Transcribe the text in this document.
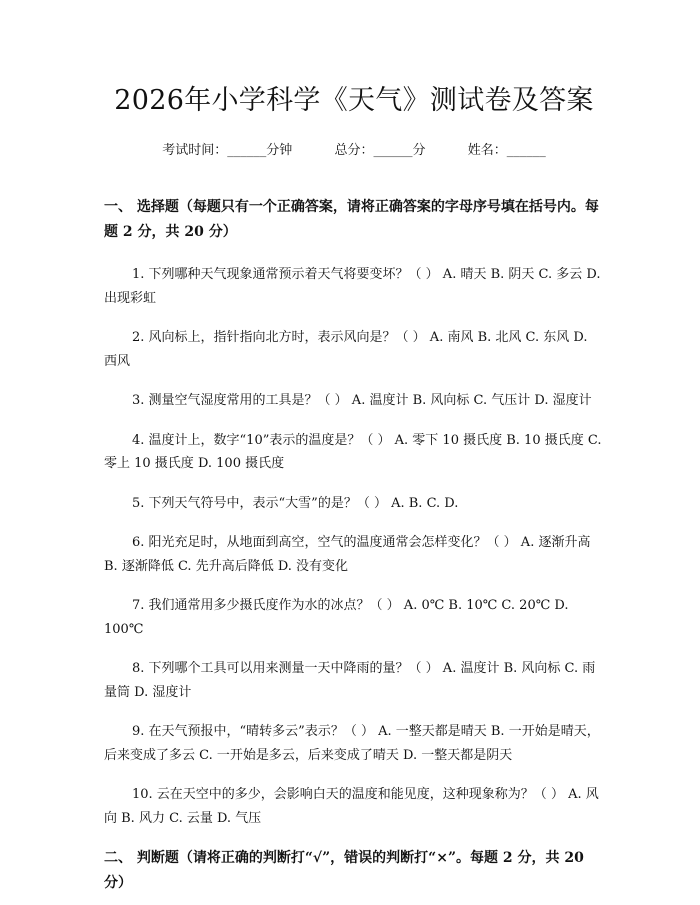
2026年小学科学《天气》测试卷及答案
考试时间：______分钟	总分：______分	姓名：______
一、 选择题（每题只有一个正确答案，请将正确答案的字母序号填在括号内。每题 2 分，共 20 分）

1. 下列哪种天气现象通常预示着天气将要变坏？（ ） A. 晴天 B. 阴天 C. 多云 D. 出现彩虹

2. 风向标上，指针指向北方时，表示风向是？（ ） A. 南风 B. 北风 C. 东风 D. 西风

3. 测量空气湿度常用的工具是？（ ） A. 温度计 B. 风向标 C. 气压计 D. 湿度计

4. 温度计上，数字“10”表示的温度是？（ ） A. 零下 10 摄氏度 B. 10 摄氏度 C. 零上 10 摄氏度 D. 100 摄氏度

5. 下列天气符号中，表示“大雪”的是？（ ） A. B. C. D.

6. 阳光充足时，从地面到高空，空气的温度通常会怎样变化？（ ） A. 逐渐升高 B. 逐渐降低 C. 先升高后降低 D. 没有变化

7. 我们通常用多少摄氏度作为水的冰点？（ ） A. 0℃ B. 10℃ C. 20℃ D. 100℃

8. 下列哪个工具可以用来测量一天中降雨的量？（ ） A. 温度计 B. 风向标 C. 雨量筒 D. 湿度计

9. 在天气预报中，“晴转多云”表示？（ ） A. 一整天都是晴天 B. 一开始是晴天，后来变成了多云 C. 一开始是多云，后来变成了晴天 D. 一整天都是阴天

10. 云在天空中的多少，会影响白天的温度和能见度，这种现象称为？（ ） A. 风向 B. 风力 C. 云量 D. 气压

二、 判断题（请将正确的判断打“√”，错误的判断打“×”。每题 2 分，共 20 分）
